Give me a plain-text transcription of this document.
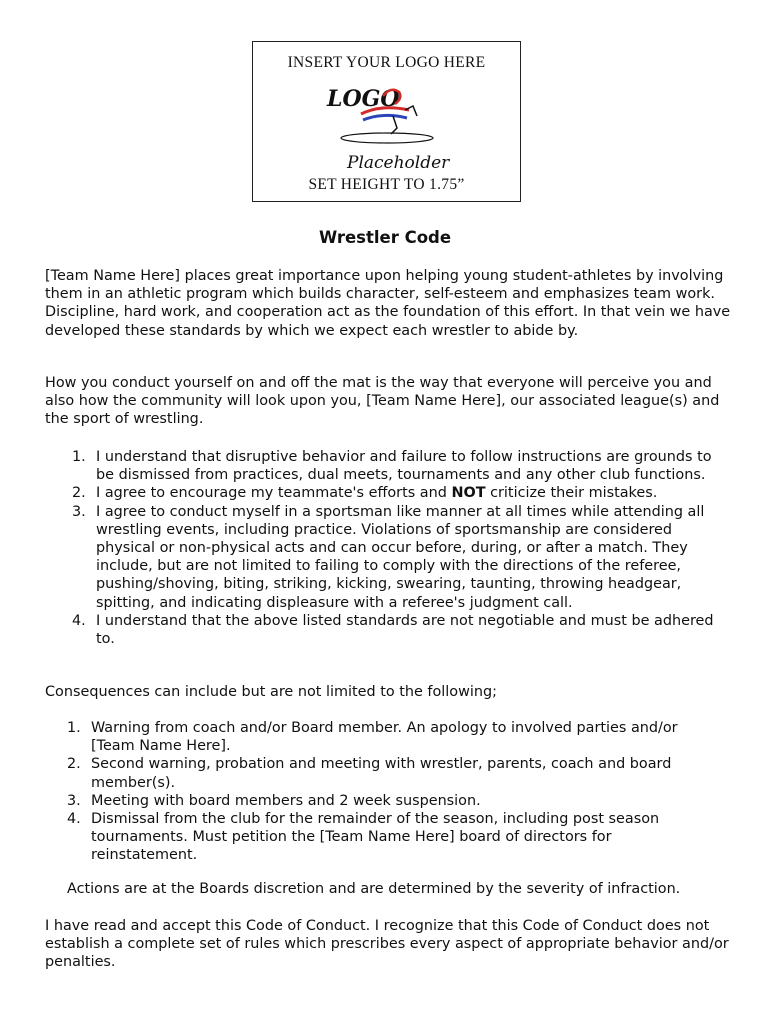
INSERT YOUR LOGO HERE
LOGO
Placeholder
SET HEIGHT TO 1.75”
Wrestler Code

[Team Name Here] places great importance upon helping young student-athletes by involving them in an athletic program which builds character, self-esteem and emphasizes team work. Discipline, hard work, and cooperation act as the foundation of this effort. In that vein we have developed these standards by which we expect each wrestler to abide by.

How you conduct yourself on and off the mat is the way that everyone will perceive you and also how the community will look upon you, [Team Name Here], our associated league(s) and the sport of wrestling.

1. I understand that disruptive behavior and failure to follow instructions are grounds to be dismissed from practices, dual meets, tournaments and any other club functions.
2. I agree to encourage my teammate's efforts and NOT criticize their mistakes.
3. I agree to conduct myself in a sportsman like manner at all times while attending all wrestling events, including practice. Violations of sportsmanship are considered physical or non-physical acts and can occur before, during, or after a match. They include, but are not limited to failing to comply with the directions of the referee, pushing/shoving, biting, striking, kicking, swearing, taunting, throwing headgear, spitting, and indicating displeasure with a referee's judgment call.
4. I understand that the above listed standards are not negotiable and must be adhered to.

Consequences can include but are not limited to the following;

1. Warning from coach and/or Board member. An apology to involved parties and/or [Team Name Here].
2. Second warning, probation and meeting with wrestler, parents, coach and board member(s).
3. Meeting with board members and 2 week suspension.
4. Dismissal from the club for the remainder of the season, including post season tournaments. Must petition the [Team Name Here] board of directors for reinstatement.

Actions are at the Boards discretion and are determined by the severity of infraction.

I have read and accept this Code of Conduct. I recognize that this Code of Conduct does not establish a complete set of rules which prescribes every aspect of appropriate behavior and/or penalties.
